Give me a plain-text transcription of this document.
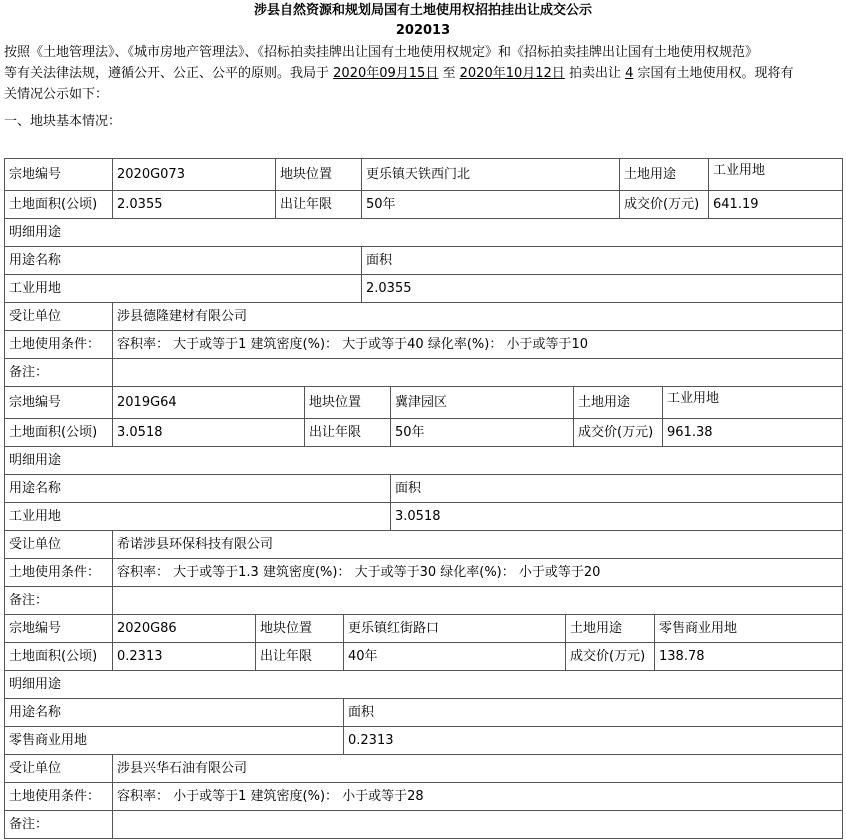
涉县自然资源和规划局国有土地使用权招拍挂出让成交公示
202013
按照《土地管理法》、《城市房地产管理法》、《招标拍卖挂牌出让国有土地使用权规定》和《招标拍卖挂牌出让国有土地使用权规范》
等有关法律法规，遵循公开、公正、公平的原则。我局于 2020年09月15日 至 2020年10月12日 拍卖出让 4 宗国有土地使用权。现将有
关情况公示如下：
一、地块基本情况：
宗地编号	2020G073	地块位置	更乐镇天铁西门北	土地用途	工业用地
土地面积(公顷)	2.0355	出让年限	50年	成交价(万元)	641.19
明细用途					
用途名称			面积		
工业用地			2.0355		
受让单位	涉县德隆建材有限公司				
土地使用条件：	容积率： 大于或等于1 建筑密度(%)： 大于或等于40 绿化率(%)： 小于或等于10				
备注：					
宗地编号	2019G64	地块位置	冀津园区	土地用途	工业用地
土地面积(公顷)	3.0518	出让年限	50年	成交价(万元)	961.38
明细用途					
用途名称			面积		
工业用地			3.0518		
受让单位	希诺涉县环保科技有限公司				
土地使用条件：	容积率： 大于或等于1.3 建筑密度(%)： 大于或等于30 绿化率(%)： 小于或等于20				
备注：					
宗地编号	2020G86	地块位置	更乐镇红街路口	土地用途	零售商业用地
土地面积(公顷)	0.2313	出让年限	40年	成交价(万元)	138.78
明细用途					
用途名称			面积		
零售商业用地			0.2313		
受让单位	涉县兴华石油有限公司				
土地使用条件：	容积率： 小于或等于1 建筑密度(%)： 小于或等于28				
备注：					
